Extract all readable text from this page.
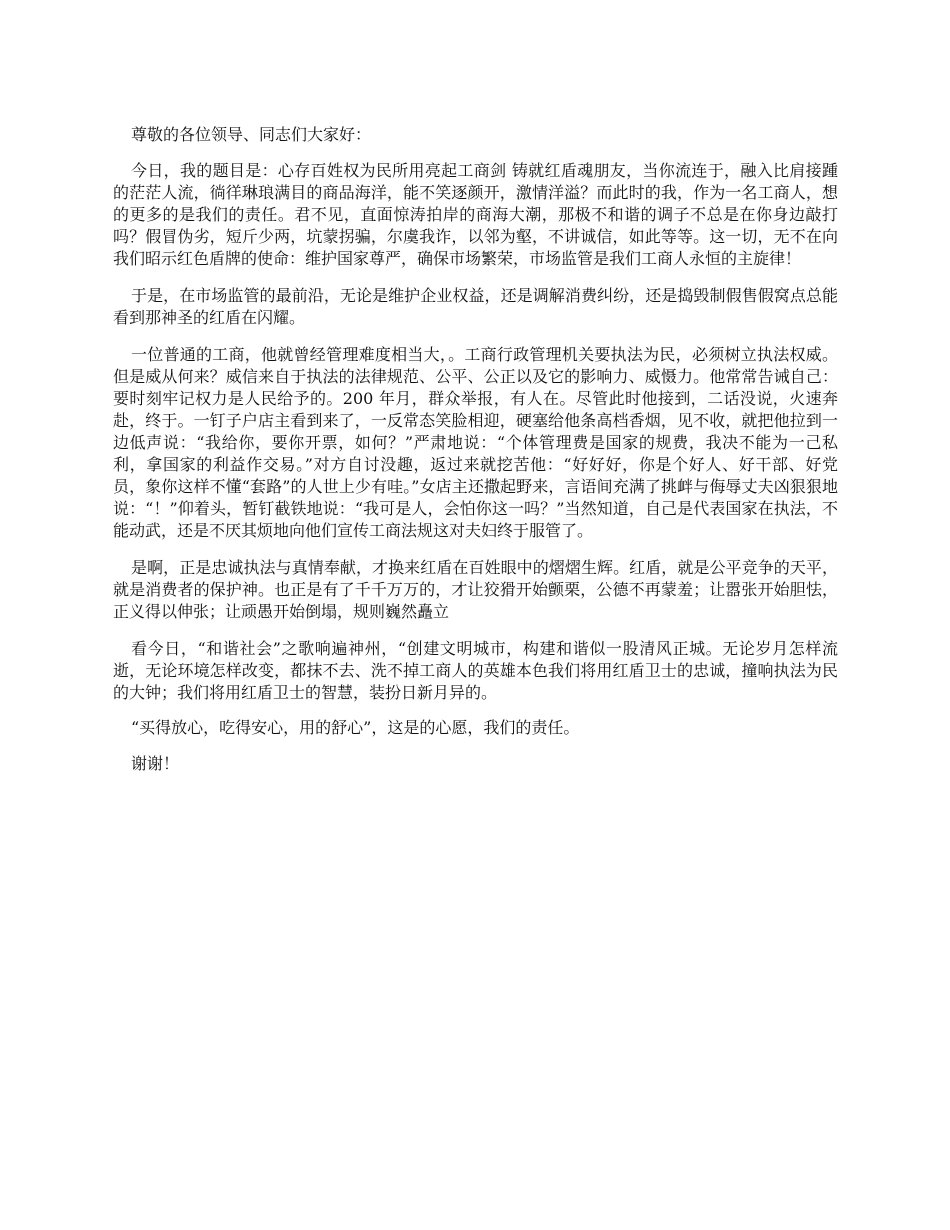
尊敬的各位领导、同志们大家好：

今日，我的题目是：心存百姓权为民所用亮起工商剑 铸就红盾魂朋友，当你流连于，融入比肩接踵的茫茫人流，徜徉琳琅满目的商品海洋，能不笑逐颜开，激情洋溢？而此时的我，作为一名工商人，想的更多的是我们的责任。君不见，直面惊涛拍岸的商海大潮，那极不和谐的调子不总是在你身边敲打吗？假冒伪劣，短斤少两，坑蒙拐骗，尔虞我诈，以邻为壑，不讲诚信，如此等等。这一切，无不在向我们昭示红色盾牌的使命：维护国家尊严，确保市场繁荣，市场监管是我们工商人永恒的主旋律！

于是，在市场监管的最前沿，无论是维护企业权益，还是调解消费纠纷，还是捣毁制假售假窝点总能看到那神圣的红盾在闪耀。

一位普通的工商，他就曾经管理难度相当大，。工商行政管理机关要执法为民，必须树立执法权威。但是威从何来？威信来自于执法的法律规范、公平、公正以及它的影响力、威慑力。他常常告诫自己：要时刻牢记权力是人民给予的。200 年月，群众举报，有人在。尽管此时他接到，二话没说，火速奔赴，终于。一钉子户店主看到来了，一反常态笑脸相迎，硬塞给他条高档香烟，见不收，就把他拉到一边低声说：“我给你，要你开票，如何？”严肃地说：“个体管理费是国家的规费，我决不能为一己私利，拿国家的利益作交易。”对方自讨没趣，返过来就挖苦他：“好好好，你是个好人、好干部、好党员，象你这样不懂“套路”的人世上少有哇。”女店主还撒起野来，言语间充满了挑衅与侮辱丈夫凶狠狠地说：“！”仰着头，暂钉截铁地说：“我可是人，会怕你这一吗？”当然知道，自己是代表国家在执法，不能动武，还是不厌其烦地向他们宣传工商法规这对夫妇终于服管了。

是啊，正是忠诚执法与真情奉献，才换来红盾在百姓眼中的熠熠生辉。红盾，就是公平竞争的天平，就是消费者的保护神。也正是有了千千万万的，才让狡猾开始颤栗，公德不再蒙羞；让嚣张开始胆怯，正义得以伸张；让顽愚开始倒塌，规则巍然矗立

看今日，“和谐社会”之歌响遍神州，“创建文明城市，构建和谐似一股清风正城。无论岁月怎样流逝，无论环境怎样改变，都抹不去、洗不掉工商人的英雄本色我们将用红盾卫士的忠诚，撞响执法为民的大钟；我们将用红盾卫士的智慧，装扮日新月异的。

“买得放心，吃得安心，用的舒心”，这是的心愿，我们的责任。

谢谢！
